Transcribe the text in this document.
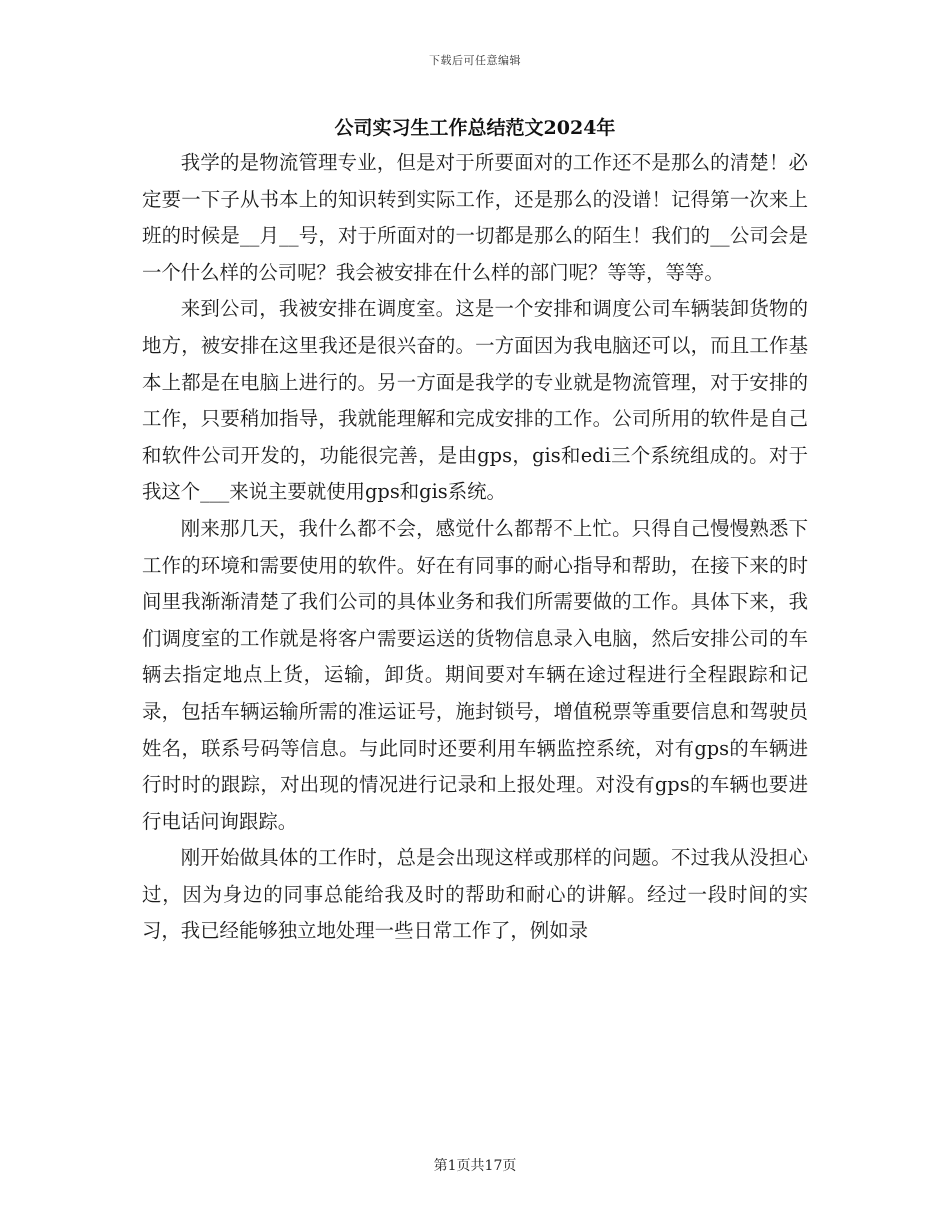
下载后可任意编辑
公司实习生工作总结范文2024年

我学的是物流管理专业，但是对于所要面对的工作还不是那么的清楚！必定要一下子从书本上的知识转到实际工作，还是那么的没谱！记得第一次来上班的时候是__月__号，对于所面对的一切都是那么的陌生！我们的__公司会是一个什么样的公司呢？我会被安排在什么样的部门呢？等等，等等。

来到公司，我被安排在调度室。这是一个安排和调度公司车辆装卸货物的地方，被安排在这里我还是很兴奋的。一方面因为我电脑还可以，而且工作基本上都是在电脑上进行的。另一方面是我学的专业就是物流管理，对于安排的工作，只要稍加指导，我就能理解和完成安排的工作。公司所用的软件是自己和软件公司开发的，功能很完善，是由gps，gis和edi三个系统组成的。对于我这个___来说主要就使用gps和gis系统。

刚来那几天，我什么都不会，感觉什么都帮不上忙。只得自己慢慢熟悉下工作的环境和需要使用的软件。好在有同事的耐心指导和帮助，在接下来的时间里我渐渐清楚了我们公司的具体业务和我们所需要做的工作。具体下来，我们调度室的工作就是将客户需要运送的货物信息录入电脑，然后安排公司的车辆去指定地点上货，运输，卸货。期间要对车辆在途过程进行全程跟踪和记录，包括车辆运输所需的准运证号，施封锁号，增值税票等重要信息和驾驶员姓名，联系号码等信息。与此同时还要利用车辆监控系统，对有gps的车辆进行时时的跟踪，对出现的情况进行记录和上报处理。对没有gps的车辆也要进行电话问询跟踪。

刚开始做具体的工作时，总是会出现这样或那样的问题。不过我从没担心过，因为身边的同事总能给我及时的帮助和耐心的讲解。经过一段时间的实习，我已经能够独立地处理一些日常工作了，例如录

第1页共17页
